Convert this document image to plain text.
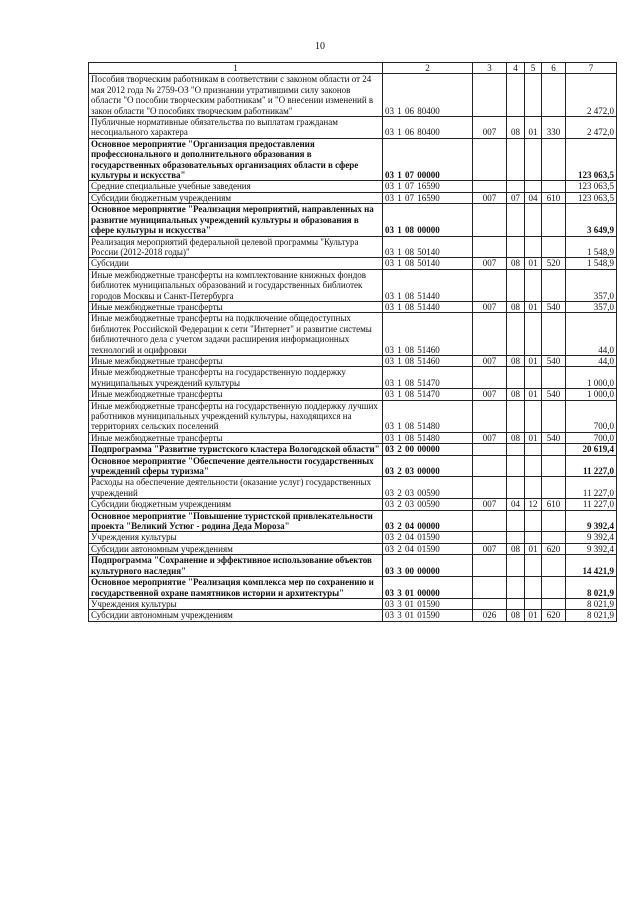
10
1	2	3	4	5	6	7
Пособия творческим работникам в соответствии с законом области от 24 мая 2012 года № 2759-ОЗ "О признании утратившими силу законов области "О пособии творческим работникам" и "О внесении изменений в закон области "О пособиях творческим работникам"	03 1 06 80400					2 472,0
Публичные нормативные обязательства по выплатам гражданам несоциального характера	03 1 06 80400	007	08	01	330	2 472,0
Основное мероприятие "Организация предоставления профессионального и дополнительного образования в государственных образовательных организациях области в сфере культуры и искусства"	03 1 07 00000					123 063,5
Средние специальные учебные заведения	03 1 07 16590					123 063,5
Субсидии бюджетным учреждениям	03 1 07 16590	007	07	04	610	123 063,5
Основное мероприятие "Реализация мероприятий, направленных на развитие муниципальных учреждений культуры и образования в сфере культуры и искусства"	03 1 08 00000					3 649,9
Реализация мероприятий федеральной целевой программы "Культура России (2012-2018 годы)"	03 1 08 50140					1 548,9
Субсидии	03 1 08 50140	007	08	01	520	1 548,9
Иные межбюджетные трансферты на комплектование книжных фондов библиотек муниципальных образований и государственных библиотек городов Москвы и Санкт-Петербурга	03 1 08 51440					357,0
Иные межбюджетные трансферты	03 1 08 51440	007	08	01	540	357,0
Иные межбюджетные трансферты на подключение общедоступных библиотек Российской Федерации к сети "Интернет" и развитие системы библиотечного дела с учетом задачи расширения информационных технологий и оцифровки	03 1 08 51460					44,0
Иные межбюджетные трансферты	03 1 08 51460	007	08	01	540	44,0
Иные межбюджетные трансферты на государственную поддержку муниципальных учреждений культуры	03 1 08 51470					1 000,0
Иные межбюджетные трансферты	03 1 08 51470	007	08	01	540	1 000,0
Иные межбюджетные трансферты на государственную поддержку лучших работников муниципальных учреждений культуры, находящихся на территориях сельских поселений	03 1 08 51480					700,0
Иные межбюджетные трансферты	03 1 08 51480	007	08	01	540	700,0
Подпрограмма "Развитие туристского кластера Вологодской области"	03 2 00 00000					20 619,4
Основное мероприятие "Обеспечение деятельности государственных учреждений сферы туризма"	03 2 03 00000					11 227,0
Расходы на обеспечение деятельности (оказание услуг) государственных учреждений	03 2 03 00590					11 227,0
Субсидии бюджетным учреждениям	03 2 03 00590	007	04	12	610	11 227,0
Основное мероприятие "Повышение туристской привлекательности проекта "Великий Устюг - родина Деда Мороза"	03 2 04 00000					9 392,4
Учреждения культуры	03 2 04 01590					9 392,4
Субсидии автономным учреждениям	03 2 04 01590	007	08	01	620	9 392,4
Подпрограмма "Сохранение и эффективное использование объектов культурного наследия"	03 3 00 00000					14 421,9
Основное мероприятие "Реализация комплекса мер по сохранению и государственной охране памятников истории и архитектуры"	03 3 01 00000					8 021,9
Учреждения культуры	03 3 01 01590					8 021,9
Субсидии автономным учреждениям	03 3 01 01590	026	08	01	620	8 021,9
